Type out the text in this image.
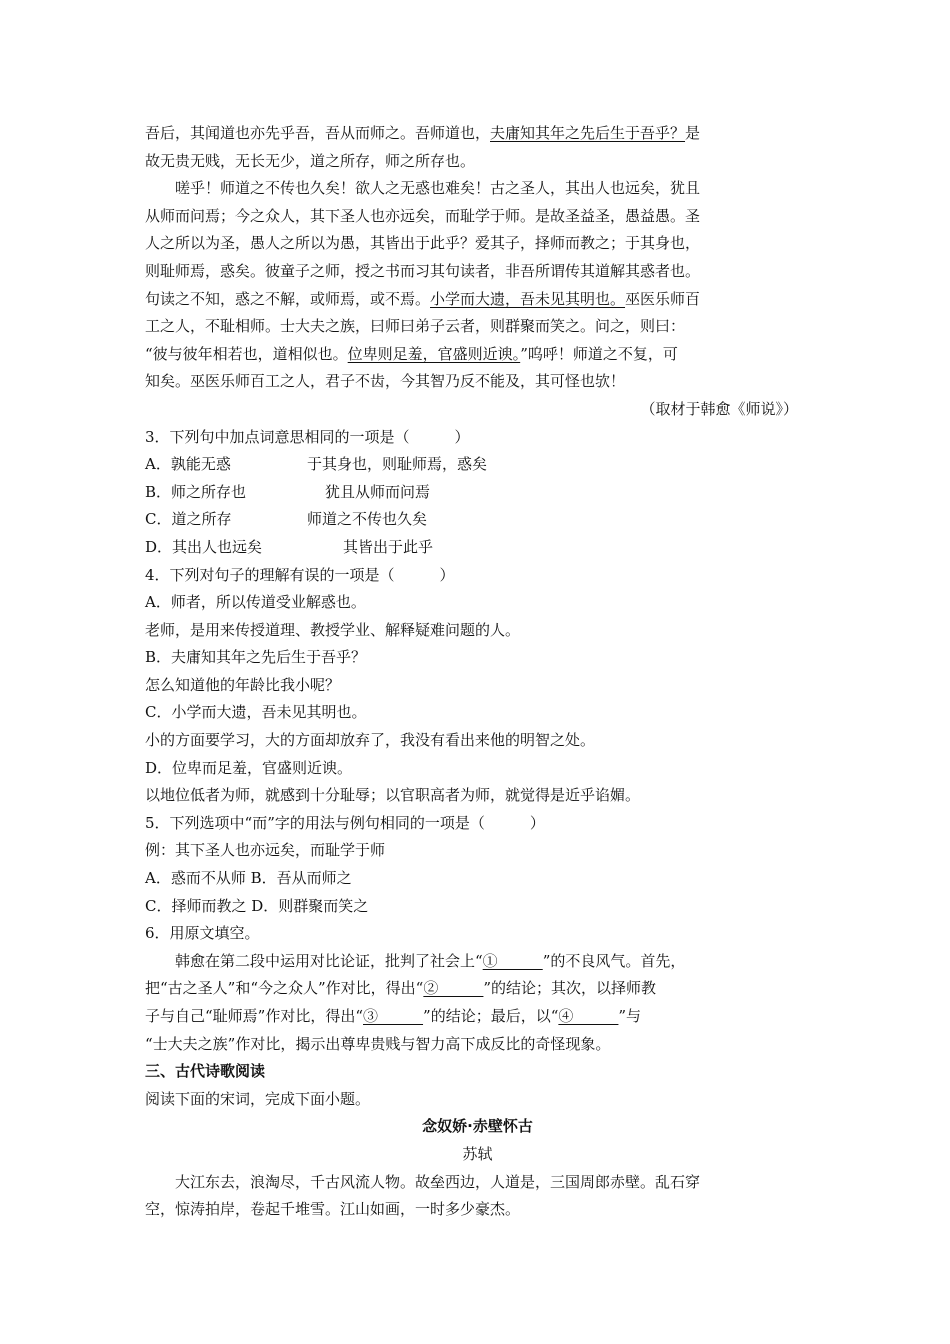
吾后，其闻道也亦先乎吾，吾从而师之。吾师道也，夫庸知其年之先后生于吾乎？是

故无贵无贱，无长无少，道之所存，师之所存也。

嗟乎！师道之不传也久矣！欲人之无惑也难矣！古之圣人，其出人也远矣，犹且

从师而问焉；今之众人，其下圣人也亦远矣，而耻学于师。是故圣益圣，愚益愚。圣

人之所以为圣，愚人之所以为愚，其皆出于此乎？爱其子，择师而教之；于其身也，

则耻师焉，惑矣。彼童子之师，授之书而习其句读者，非吾所谓传其道解其惑者也。

句读之不知，惑之不解，或师焉，或不焉。小学而大遗，吾未见其明也。巫医乐师百

工之人，不耻相师。士大夫之族，曰师曰弟子云者，则群聚而笑之。问之，则曰：

“彼与彼年相若也，道相似也。位卑则足羞，官盛则近谀。”呜呼！师道之不复，可

知矣。巫医乐师百工之人，君子不齿，今其智乃反不能及，其可怪也欤！

（取材于韩愈《师说》）

3．下列句中加点词意思相同的一项是（　　　）

A．孰能无惑	于其身也，则耻师焉，惑矣

B．师之所存也	犹且从师而问焉

C．道之所存	师道之不传也久矣

D．其出人也远矣	其皆出于此乎

4．下列对句子的理解有误的一项是（　　　）

A．师者，所以传道受业解惑也。

老师，是用来传授道理、教授学业、解释疑难问题的人。

B．夫庸知其年之先后生于吾乎？

怎么知道他的年龄比我小呢？

C．小学而大遗，吾未见其明也。

小的方面要学习，大的方面却放弃了，我没有看出来他的明智之处。

D．位卑而足羞，官盛则近谀。

以地位低者为师，就感到十分耻辱；以官职高者为师，就觉得是近乎谄媚。

5．下列选项中“而”字的用法与例句相同的一项是（　　　）

例：其下圣人也亦远矣，而耻学于师

A．惑而不从师 B．吾从而师之

C．择师而教之 D．则群聚而笑之

6．用原文填空。

韩愈在第二段中运用对比论证，批判了社会上“①______”的不良风气。首先，

把“古之圣人”和“今之众人”作对比，得出“②______”的结论；其次，以择师教

子与自己“耻师焉”作对比，得出“③______”的结论；最后，以“④______”与

“士大夫之族”作对比，揭示出尊卑贵贱与智力高下成反比的奇怪现象。

三、古代诗歌阅读

阅读下面的宋词，完成下面小题。

念奴娇·赤壁怀古

苏轼

大江东去，浪淘尽，千古风流人物。故垒西边，人道是，三国周郎赤壁。乱石穿

空，惊涛拍岸，卷起千堆雪。江山如画，一时多少豪杰。
